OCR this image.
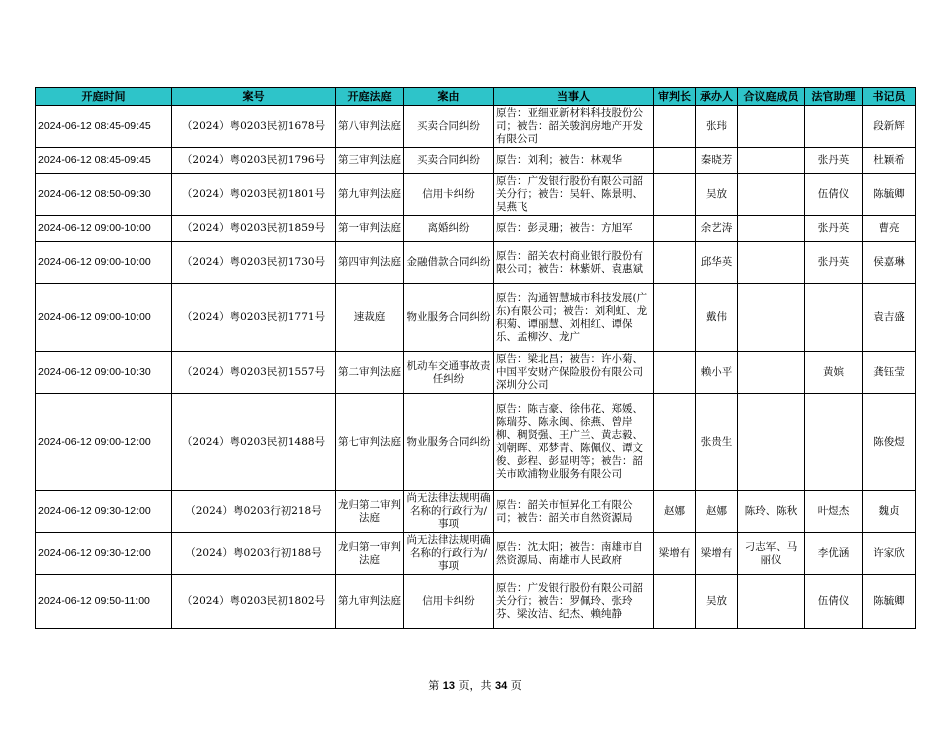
开庭时间	案号	开庭法庭	案由	当事人	审判长	承办人	合议庭成员	法官助理	书记员
2024-06-12 08:45-09:45	（2024）粤0203民初1678号	第八审判法庭	买卖合同纠纷	原告：亚细亚新材料科技股份公司；被告：韶关骏润房地产开发有限公司		张玮			段新辉
2024-06-12 08:45-09:45	（2024）粤0203民初1796号	第三审判法庭	买卖合同纠纷	原告：刘利；被告：林观华		秦晓芳		张丹英	杜颖希
2024-06-12 08:50-09:30	（2024）粤0203民初1801号	第九审判法庭	信用卡纠纷	原告：广发银行股份有限公司韶关分行；被告：吴轩、陈景明、吴燕飞		吴放		伍倩仪	陈毓卿
2024-06-12 09:00-10:00	（2024）粤0203民初1859号	第一审判法庭	离婚纠纷	原告：彭灵珊；被告：方旭军		余艺涛		张丹英	曹亮
2024-06-12 09:00-10:00	（2024）粤0203民初1730号	第四审判法庭	金融借款合同纠纷	原告：韶关农村商业银行股份有限公司；被告：林紫妍、袁惠斌		邱华英		张丹英	侯嘉琳
2024-06-12 09:00-10:00	（2024）粤0203民初1771号	速裁庭	物业服务合同纠纷	原告：沟通智慧城市科技发展(广东)有限公司；被告：刘利虹、龙积菊、谭丽慧、刘相红、谭保乐、孟柳汐、龙广		戴伟			袁吉盛
2024-06-12 09:00-10:30	（2024）粤0203民初1557号	第二审判法庭	机动车交通事故责任纠纷	原告：梁北昌；被告：许小菊、中国平安财产保险股份有限公司深圳分公司		赖小平		黄嫔	龚钰莹
2024-06-12 09:00-12:00	（2024）粤0203民初1488号	第七审判法庭	物业服务合同纠纷	原告：陈吉豪、徐伟花、郑媛、陈瑞芬、陈永闽、徐燕、曾岸柳、稠贤强、王广兰、黄志毅、刘朝晖、邓梦青、陈佩仪、谭文俊、彭程、彭显明等；被告：韶关市欧浦物业服务有限公司		张贵生			陈俊煜
2024-06-12 09:30-12:00	（2024）粤0203行初218号	龙归第二审判法庭	尚无法律法规明确名称的行政行为/事项	原告：韶关市恒昇化工有限公司；被告：韶关市自然资源局	赵娜	赵娜	陈玲、陈秋	叶煜杰	魏贞
2024-06-12 09:30-12:00	（2024）粤0203行初188号	龙归第一审判法庭	尚无法律法规明确名称的行政行为/事项	原告：沈太阳；被告：南雄市自然资源局、南雄市人民政府	梁增有	梁增有	刁志军、马丽仪	李优涵	许家欣
2024-06-12 09:50-11:00	（2024）粤0203民初1802号	第九审判法庭	信用卡纠纷	原告：广发银行股份有限公司韶关分行；被告：罗佩玲、张玲芬、梁汝洁、纪杰、赖纯静		吴放		伍倩仪	陈毓卿
第 13 页，共 34 页
